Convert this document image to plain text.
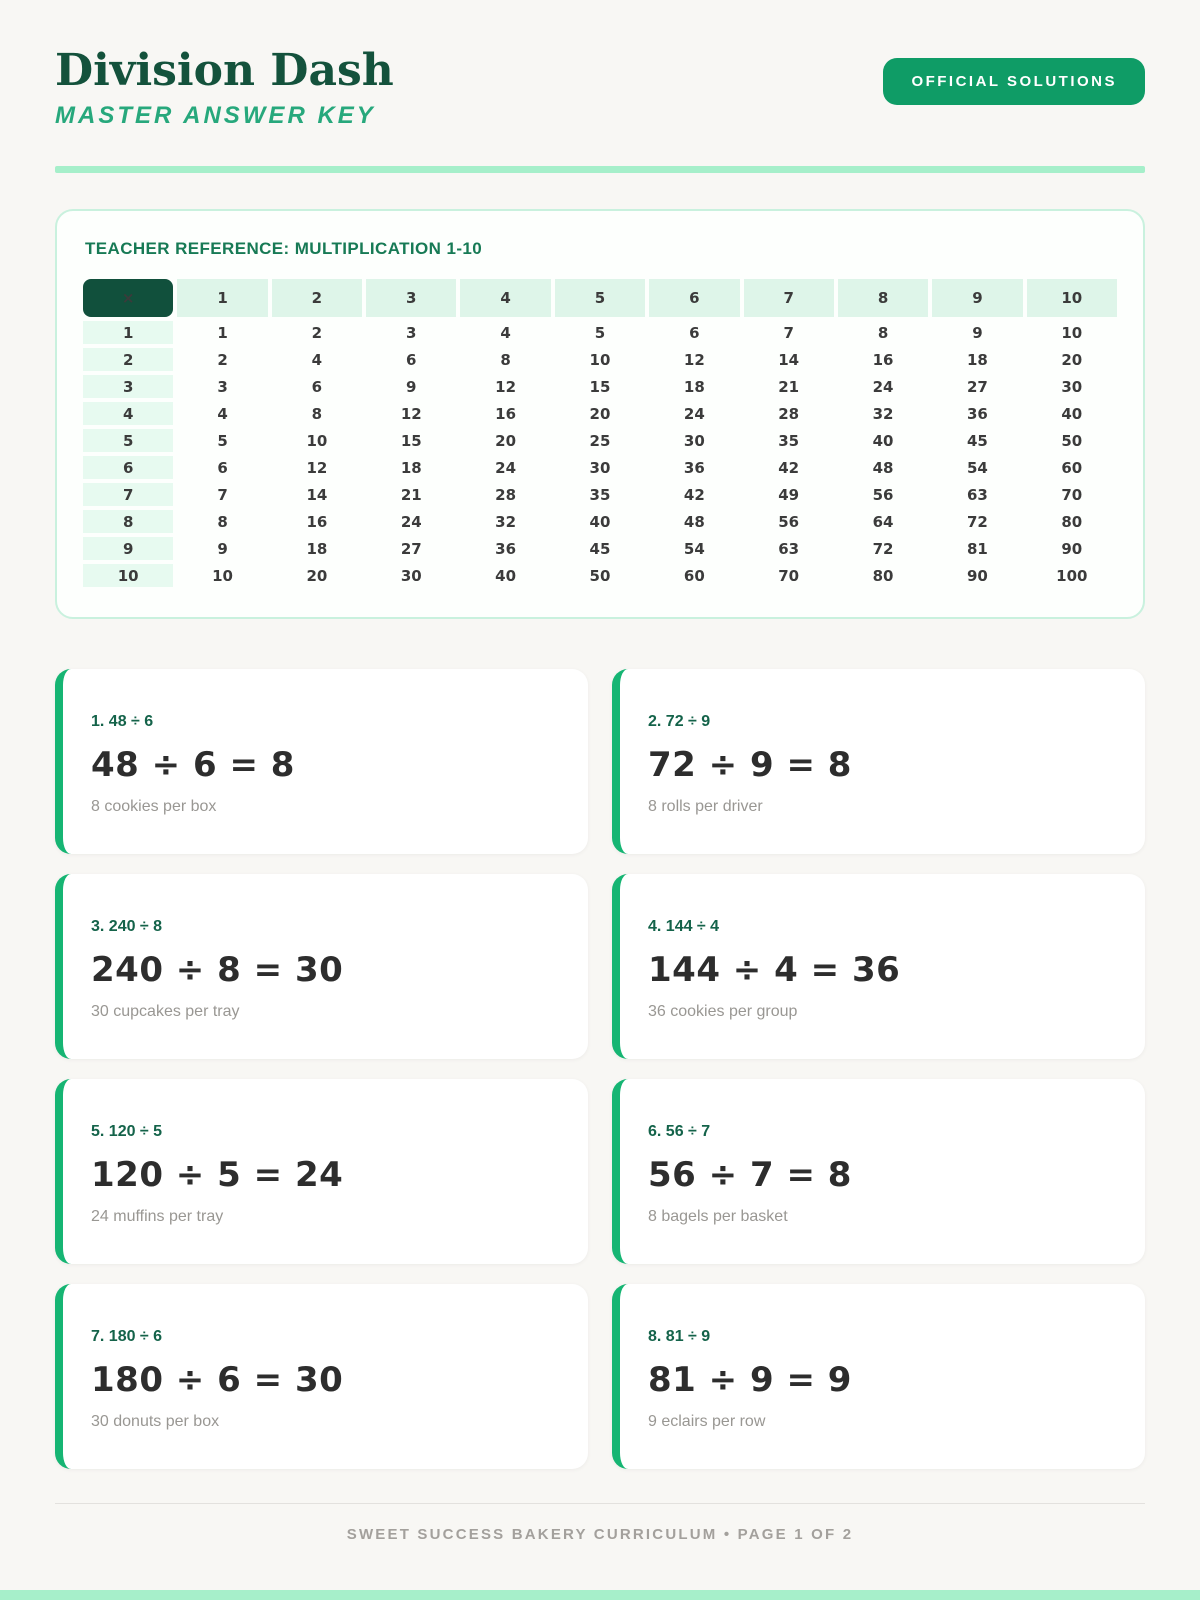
Division Dash
MASTER ANSWER KEY
OFFICIAL SOLUTIONS
TEACHER REFERENCE: MULTIPLICATION 1-10
×	1	2	3	4	5	6	7	8	9	10
1	1	2	3	4	5	6	7	8	9	10
2	2	4	6	8	10	12	14	16	18	20
3	3	6	9	12	15	18	21	24	27	30
4	4	8	12	16	20	24	28	32	36	40
5	5	10	15	20	25	30	35	40	45	50
6	6	12	18	24	30	36	42	48	54	60
7	7	14	21	28	35	42	49	56	63	70
8	8	16	24	32	40	48	56	64	72	80
9	9	18	27	36	45	54	63	72	81	90
10	10	20	30	40	50	60	70	80	90	100
1. 48 ÷ 6
48 ÷ 6 = 8
8 cookies per box
2. 72 ÷ 9
72 ÷ 9 = 8
8 rolls per driver
3. 240 ÷ 8
240 ÷ 8 = 30
30 cupcakes per tray
4. 144 ÷ 4
144 ÷ 4 = 36
36 cookies per group
5. 120 ÷ 5
120 ÷ 5 = 24
24 muffins per tray
6. 56 ÷ 7
56 ÷ 7 = 8
8 bagels per basket
7. 180 ÷ 6
180 ÷ 6 = 30
30 donuts per box
8. 81 ÷ 9
81 ÷ 9 = 9
9 eclairs per row
SWEET SUCCESS BAKERY CURRICULUM • PAGE 1 OF 2
